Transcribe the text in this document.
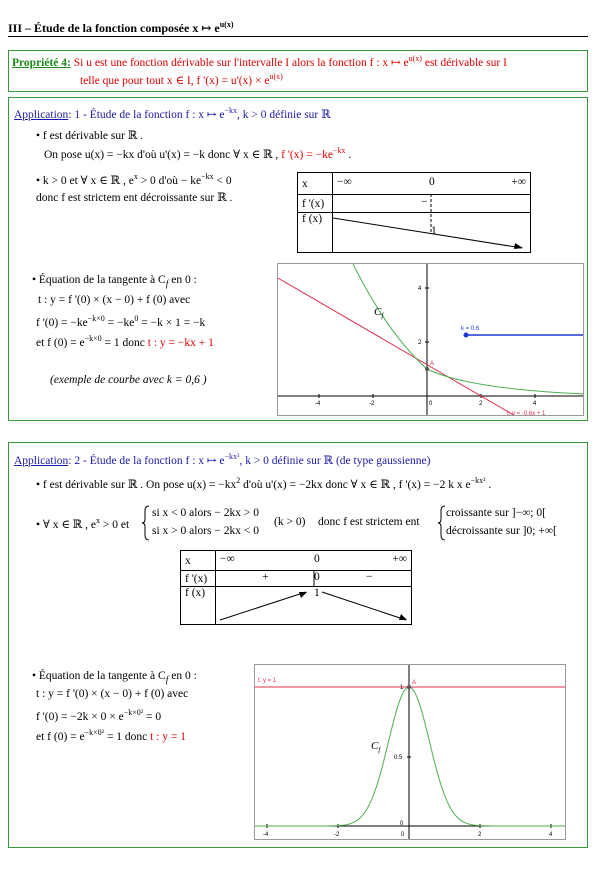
III – Étude de la fonction composée x ↦ $e^{u(x)}$
Propriété 4: Si u est une fonction dérivable sur l'intervalle I alors la fonction f : x ↦ $e^{u(x)}$ est dérivable sur I
telle que pour tout x ∈ I, f '$(x) = u'(x) \times e^{u(x)}$
Application: 1 - Étude de la fonction f : x ↦ $e^{-kx}$, k > 0 définie sur ℝ
• f est dérivable sur ℝ .
On pose u(x) = −kx d'où u'(x) = −k donc ∀ x ∈ ℝ , f '$(x) = -ke^{-kx}$ .
• k > 0 et ∀ x ∈ ℝ , $e^x > 0$ d'où − $ke^{-kx} < 0$
donc f est strictem ent décroissante sur ℝ .
x	−∞ 0 +∞

f '(x)	−

f (x)	1
• Équation de la tangente à $C_f$ en 0 :
t : y = f '(0) × (x − 0) + f (0) avec
f '$(0) = -ke^{-k\times 0} = -ke^0 = -k \times 1 = -k$
et f $(0) = e^{-k\times 0} = 1$ donc t : y = −kx + 1
(exemple de courbe avec k = 0,6 )
-4	-2	0	2	4
4
2
A
$C_f$
k = 0.6
t: y = -0.6x + 1
Application: 2 - Étude de la fonction f : x ↦ $e^{-kx^2}$, k > 0 définie sur ℝ (de type gaussienne)
• f est dérivable sur ℝ . On pose $u(x) = -kx^2$ d'où u'(x) = −2kx donc ∀ x ∈ ℝ , f '(x) = −2 k x $e^{-kx^2}$ .
• ∀ x ∈ ℝ , $e^x > 0$ et
si x < 0 alors − 2kx > 0
si x > 0 alors − 2kx < 0
(k > 0) donc f est strictem ent
croissante sur ]−∞; 0[
décroissante sur ]0; +∞[
x	−∞ 0 +∞

f '(x)	+ 0 −

f (x)	1
• Équation de la tangente à $C_f$ en 0 :
t : y = f '(0) × (x − 0) + f (0) avec
f '$(0) = -2k \times 0 \times e^{-k\times 0^2} = 0$
et f $(0) = e^{-k\times 0^2} = 1$ donc t : y = 1
-4	-2	0	2	4
1
0.5
0
t: y = 1	A
$C_f$
